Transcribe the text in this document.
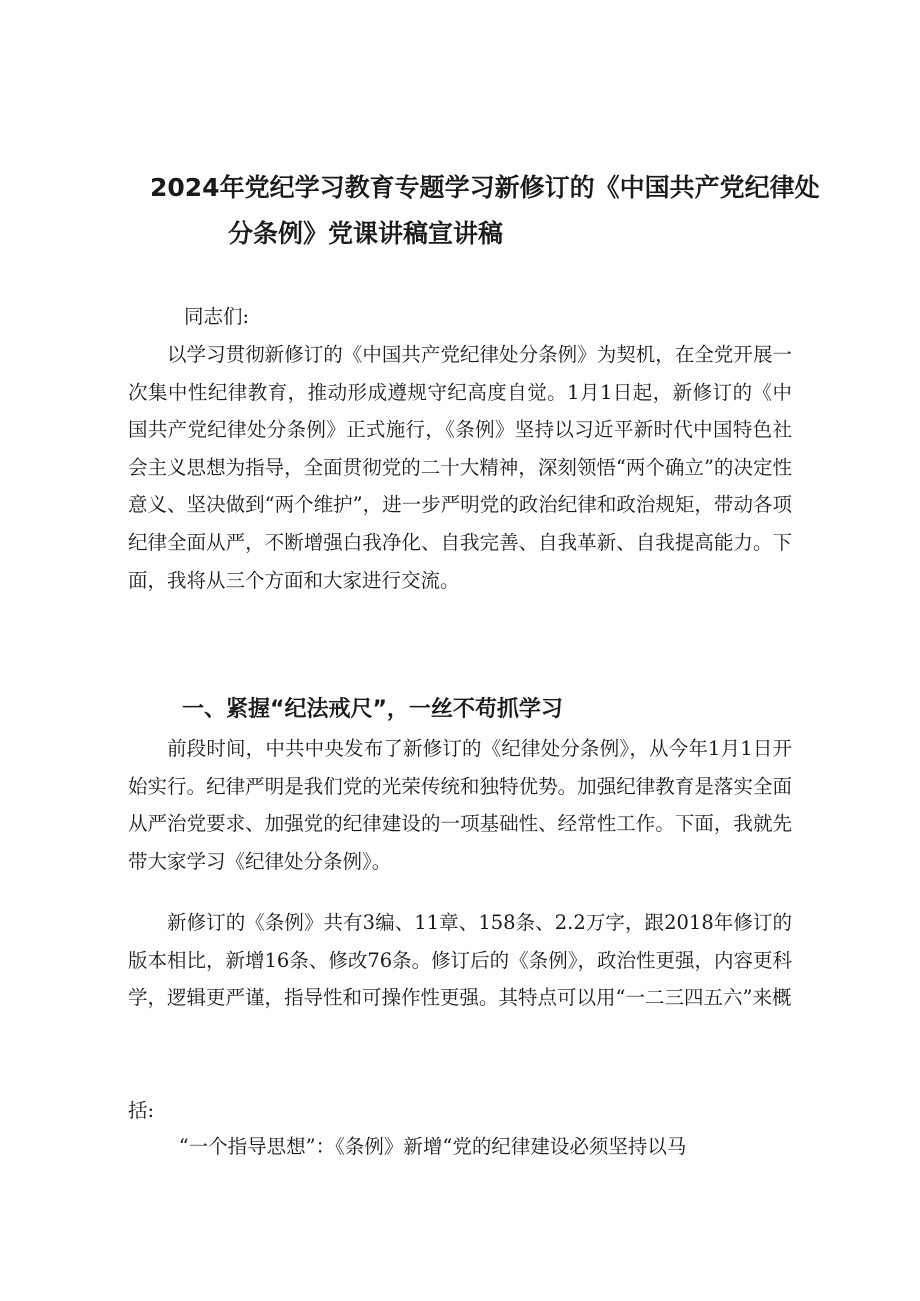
2024年党纪学习教育专题学习新修订的《中国共产党纪律处
分条例》党课讲稿宣讲稿

同志们:

以学习贯彻新修订的《中国共产党纪律处分条例》为契机，在全党开展一次集中性纪律教育，推动形成遵规守纪高度自觉。1月1日起，新修订的《中国共产党纪律处分条例》正式施行，《条例》坚持以习近平新时代中国特色社会主义思想为指导，全面贯彻党的二十大精神，深刻领悟“两个确立”的决定性意义、坚决做到“两个维护”，进一步严明党的政治纪律和政治规矩，带动各项纪律全面从严，不断增强白我净化、自我完善、自我革新、自我提高能力。下面，我将从三个方面和大家进行交流。

一、紧握“纪法戒尺”，一丝不苟抓学习

前段时间，中共中央发布了新修订的《纪律处分条例》，从今年1月1日开始实行。纪律严明是我们党的光荣传统和独特优势。加强纪律教育是落实全面从严治党要求、加强党的纪律建设的一项基础性、经常性工作。下面，我就先带大家学习《纪律处分条例》。

新修订的《条例》共有3编、11章、158条、2.2万字，跟2018年修订的版本相比，新增16条、修改76条。修订后的《条例》，政治性更强，内容更科学，逻辑更严谨，指导性和可操作性更强。其特点可以用“一二三四五六”来概

括:

“一个指导思想”：《条例》新增“党的纪律建设必须坚持以马
